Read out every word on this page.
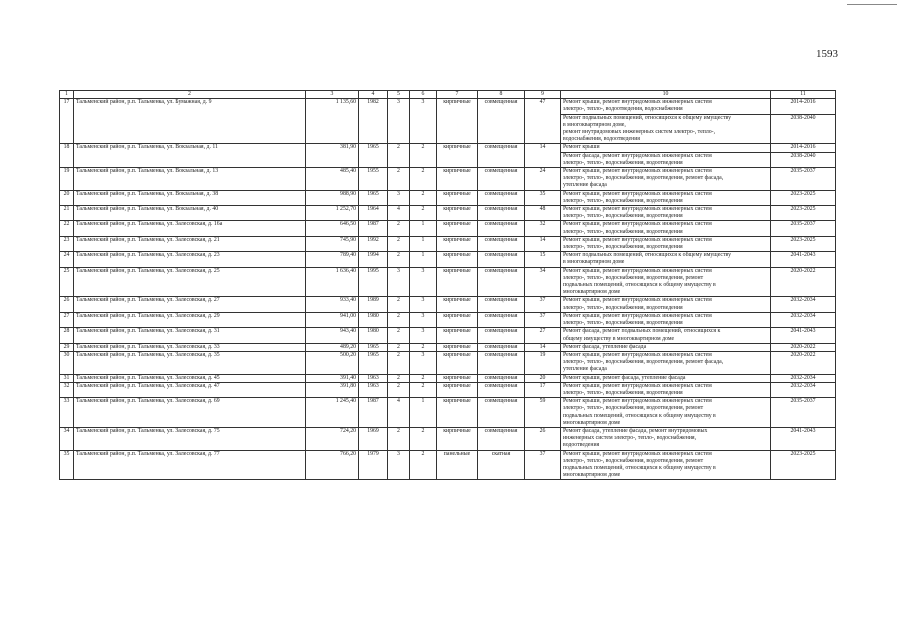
1593
1	2	3	4	5	6	7	8	9	10	11
17	Тальменский район, р.п. Тальменка, ул. Бумажная, д. 9	1 135,60	1982	3	3	кирпичные	совмещенная	47	Ремонт крыши, ремонт внутридомовых инженерных систем
электро-, тепло-, водоотведения, водоснабжения	2014-2016
									Ремонт подвальных помещений, относящихся к общему имуществу
в многоквартирном доме,
ремонт внутридомовых инженерных систем электро-, тепло-,
водоснабжения, водоотведения	2038-2040
18	Тальменский район, р.п. Тальменка, ул. Вокзальная, д. 11	381,90	1965	2	2	кирпичные	совмещенная	14	Ремонт крыши	2014-2016
									Ремонт фасада, ремонт внутридомовых инженерных систем
электро-, тепло-, водоснабжения, водоотведения	2038-2040
19	Тальменский район, р.п. Тальменка, ул. Вокзальная, д. 13	485,40	1955	2	2	кирпичные	совмещенная	24	Ремонт крыши, ремонт внутридомовых инженерных систем
электро-, тепло-, водоснабжения, водоотведения, ремонт фасада,
утепление фасада	2035-2037
20	Тальменский район, р.п. Тальменка, ул. Вокзальная, д. 38	988,90	1965	3	2	кирпичные	совмещенная	35	Ремонт крыши, ремонт внутридомовых инженерных систем
электро-, тепло-, водоснабжения, водоотведения	2023-2025
21	Тальменский район, р.п. Тальменка, ул. Вокзальная, д. 40	1 252,70	1964	4	2	кирпичные	совмещенная	48	Ремонт крыши, ремонт внутридомовых инженерных систем
электро-, тепло-, водоснабжения, водоотведения	2023-2025
22	Тальменский район, р.п. Тальменка, ул. Залесовская, д. 16а	646,50	1987	2	1	кирпичные	совмещенная	32	Ремонт крыши, ремонт внутридомовых инженерных систем
электро-, тепло-, водоснабжения, водоотведения	2035-2037
23	Тальменский район, р.п. Тальменка, ул. Залесовская, д. 21	745,90	1992	2	1	кирпичные	совмещенная	14	Ремонт крыши, ремонт внутридомовых инженерных систем
электро-, тепло-, водоснабжения, водоотведения	2023-2025
24	Тальменский район, р.п. Тальменка, ул. Залесовская, д. 23	789,40	1994	2	1	кирпичные	совмещенная	15	Ремонт подвальных помещений, относящихся к общему имуществу
в многоквартирном доме	2041-2043
25	Тальменский район, р.п. Тальменка, ул. Залесовская, д. 25	1 636,40	1995	3	3	кирпичные	совмещенная	34	Ремонт крыши, ремонт внутридомовых инженерных систем
электро-, тепло-, водоснабжения, водоотведения, ремонт
подвальных помещений, относящихся к общему имуществу в
многоквартирном доме	2020-2022
26	Тальменский район, р.п. Тальменка, ул. Залесовская, д. 27	933,40	1989	2	3	кирпичные	совмещенная	37	Ремонт крыши, ремонт внутридомовых инженерных систем
электро-, тепло-, водоснабжения, водоотведения	2032-2034
27	Тальменский район, р.п. Тальменка, ул. Залесовская, д. 29	941,00	1980	2	3	кирпичные	совмещенная	37	Ремонт крыши, ремонт внутридомовых инженерных систем
электро-, тепло-, водоснабжения, водоотведения	2032-2034
28	Тальменский район, р.п. Тальменка, ул. Залесовская, д. 31	943,40	1980	2	3	кирпичные	совмещенная	27	Ремонт фасада, ремонт подвальных помещений, относящихся к
общему имуществу в многоквартирном доме	2041-2043
29	Тальменский район, р.п. Тальменка, ул. Залесовская, д. 33	489,20	1965	2	2	кирпичные	совмещенная	14	Ремонт фасада, утепление фасада	2020-2022
30	Тальменский район, р.п. Тальменка, ул. Залесовская, д. 35	500,20	1965	2	3	кирпичные	совмещенная	19	Ремонт крыши, ремонт внутридомовых инженерных систем
электро-, тепло-, водоснабжения, водоотведения, ремонт фасада,
утепление фасада	2020-2022
31	Тальменский район, р.п. Тальменка, ул. Залесовская, д. 45	391,40	1963	2	2	кирпичные	совмещенная	20	Ремонт крыши, ремонт фасада, утепление фасада	2032-2034
32	Тальменский район, р.п. Тальменка, ул. Залесовская, д. 47	391,80	1963	2	2	кирпичные	совмещенная	17	Ремонт крыши, ремонт внутридомовых инженерных систем
электро-, тепло-, водоснабжения, водоотведения	2032-2034
33	Тальменский район, р.п. Тальменка, ул. Залесовская, д. 69	1 245,40	1987	4	1	кирпичные	совмещенная	59	Ремонт крыши, ремонт внутридомовых инженерных систем
электро-, тепло-, водоснабжения, водоотведения, ремонт
подвальных помещений, относящихся к общему имуществу в
многоквартирном доме	2035-2037
34	Тальменский район, р.п. Тальменка, ул. Залесовская, д. 75	724,20	1969	2	2	кирпичные	совмещенная	26	Ремонт фасада, утепление фасада, ремонт внутридомовых
инженерных систем электро-, тепло-, водоснабжения,
водоотведения	2041-2043
35	Тальменский район, р.п. Тальменка, ул. Залесовская, д. 77	766,20	1979	3	2	панельные	скатная	37	Ремонт крыши, ремонт внутридомовых инженерных систем
электро-, тепло-, водоснабжения, водоотведения, ремонт
подвальных помещений, относящихся к общему имуществу в
многоквартирном доме	2023-2025
